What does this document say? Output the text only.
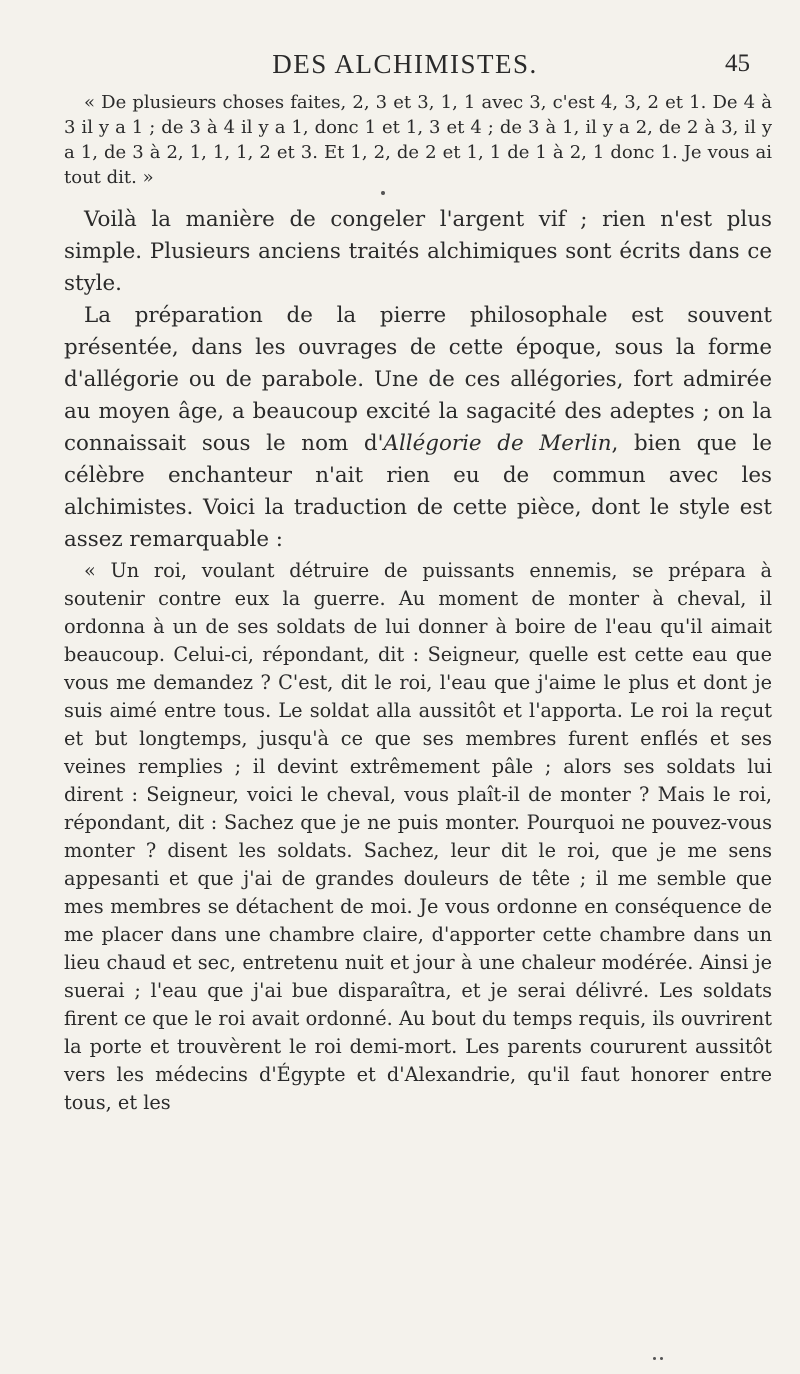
DES ALCHIMISTES.	45

« De plusieurs choses faites, 2, 3 et 3, 1, 1 avec 3, c'est 4, 3, 2 et 1. De 4 à 3 il y a 1 ; de 3 à 4 il y a 1, donc 1 et 1, 3 et 4 ; de 3 à 1, il y a 2, de 2 à 3, il y a 1, de 3 à 2, 1, 1, 1, 2 et 3. Et 1, 2, de 2 et 1, 1 de 1 à 2, 1 donc 1. Je vous ai tout dit. »

Voilà la manière de congeler l'argent vif ; rien n'est plus simple. Plusieurs anciens traités alchimiques sont écrits dans ce style.

La préparation de la pierre philosophale est souvent présentée, dans les ouvrages de cette époque, sous la forme d'allégorie ou de parabole. Une de ces allégories, fort admirée au moyen âge, a beaucoup excité la sagacité des adeptes ; on la connaissait sous le nom d'Allégorie de Merlin, bien que le célèbre enchanteur n'ait rien eu de commun avec les alchimistes. Voici la traduction de cette pièce, dont le style est assez remarquable :

« Un roi, voulant détruire de puissants ennemis, se prépara à soutenir contre eux la guerre. Au moment de monter à cheval, il ordonna à un de ses soldats de lui donner à boire de l'eau qu'il aimait beaucoup. Celui-ci, répondant, dit : Seigneur, quelle est cette eau que vous me demandez ? C'est, dit le roi, l'eau que j'aime le plus et dont je suis aimé entre tous. Le soldat alla aussitôt et l'apporta. Le roi la reçut et but longtemps, jusqu'à ce que ses membres furent enflés et ses veines remplies ; il devint extrêmement pâle ; alors ses soldats lui dirent : Seigneur, voici le cheval, vous plaît-il de monter ? Mais le roi, répondant, dit : Sachez que je ne puis monter. Pourquoi ne pouvez-vous monter ? disent les soldats. Sachez, leur dit le roi, que je me sens appesanti et que j'ai de grandes douleurs de tête ; il me semble que mes membres se détachent de moi. Je vous ordonne en conséquence de me placer dans une chambre claire, d'apporter cette chambre dans un lieu chaud et sec, entretenu nuit et jour à une chaleur modérée. Ainsi je suerai ; l'eau que j'ai bue disparaîtra, et je serai délivré. Les soldats firent ce que le roi avait ordonné. Au bout du temps requis, ils ouvrirent la porte et trouvèrent le roi demi-mort. Les parents coururent aussitôt vers les médecins d'Égypte et d'Alexandrie, qu'il faut honorer entre tous, et les
